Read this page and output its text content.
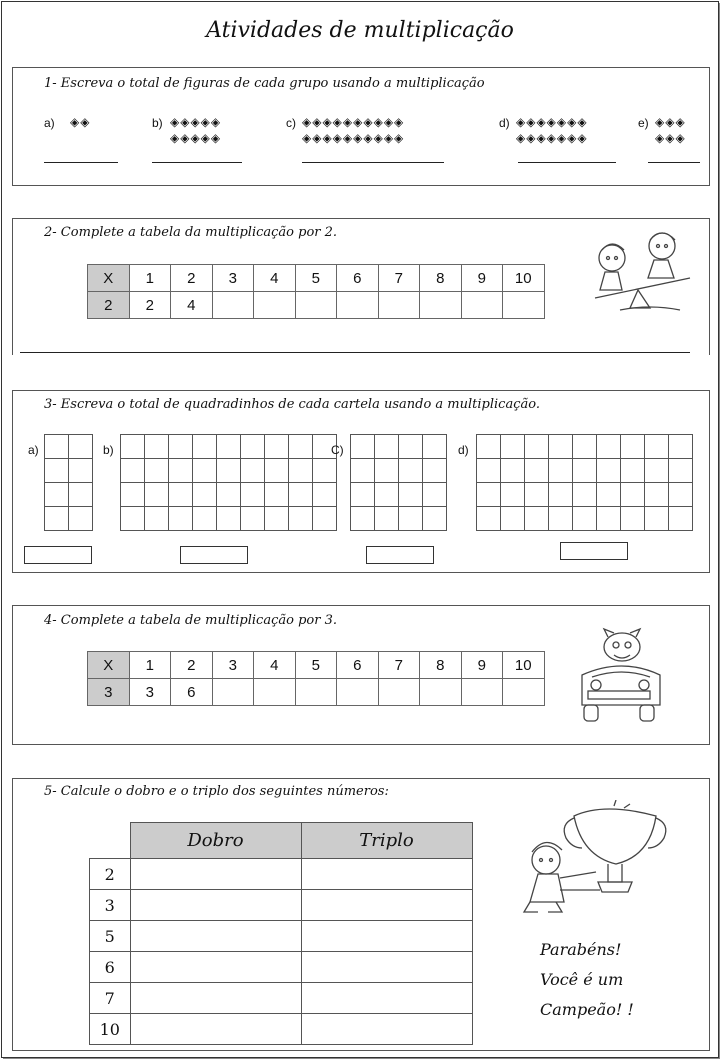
Atividades de multiplicação
1- Escreva o total de figuras de cada grupo usando a multiplicação
a) ◈◈	b) ◈◈◈◈◈
◈◈◈◈◈
c) ◈◈◈◈◈◈◈◈◈◈
◈◈◈◈◈◈◈◈◈◈
d) ◈◈◈◈◈◈◈
◈◈◈◈◈◈◈
e) ◈◈◈
◈◈◈
2- Complete a tabela da multiplicação por 2.
X	1	2	3	4	5	6	7	8	9	10
2	2	4								
3- Escreva o total de quadradinhos de cada cartela usando a multiplicação.
a)

		b)

									C)

				d)

4- Complete a tabela de multiplicação por 3.
X	1	2	3	4	5	6	7	8	9	10
3	3	6								
5- Calcule o dobro e o triplo dos seguintes números:
	Dobro	Triplo
2		
3		
5		
6		
7		
10		
Parabéns!
Você é um
Campeão! !
